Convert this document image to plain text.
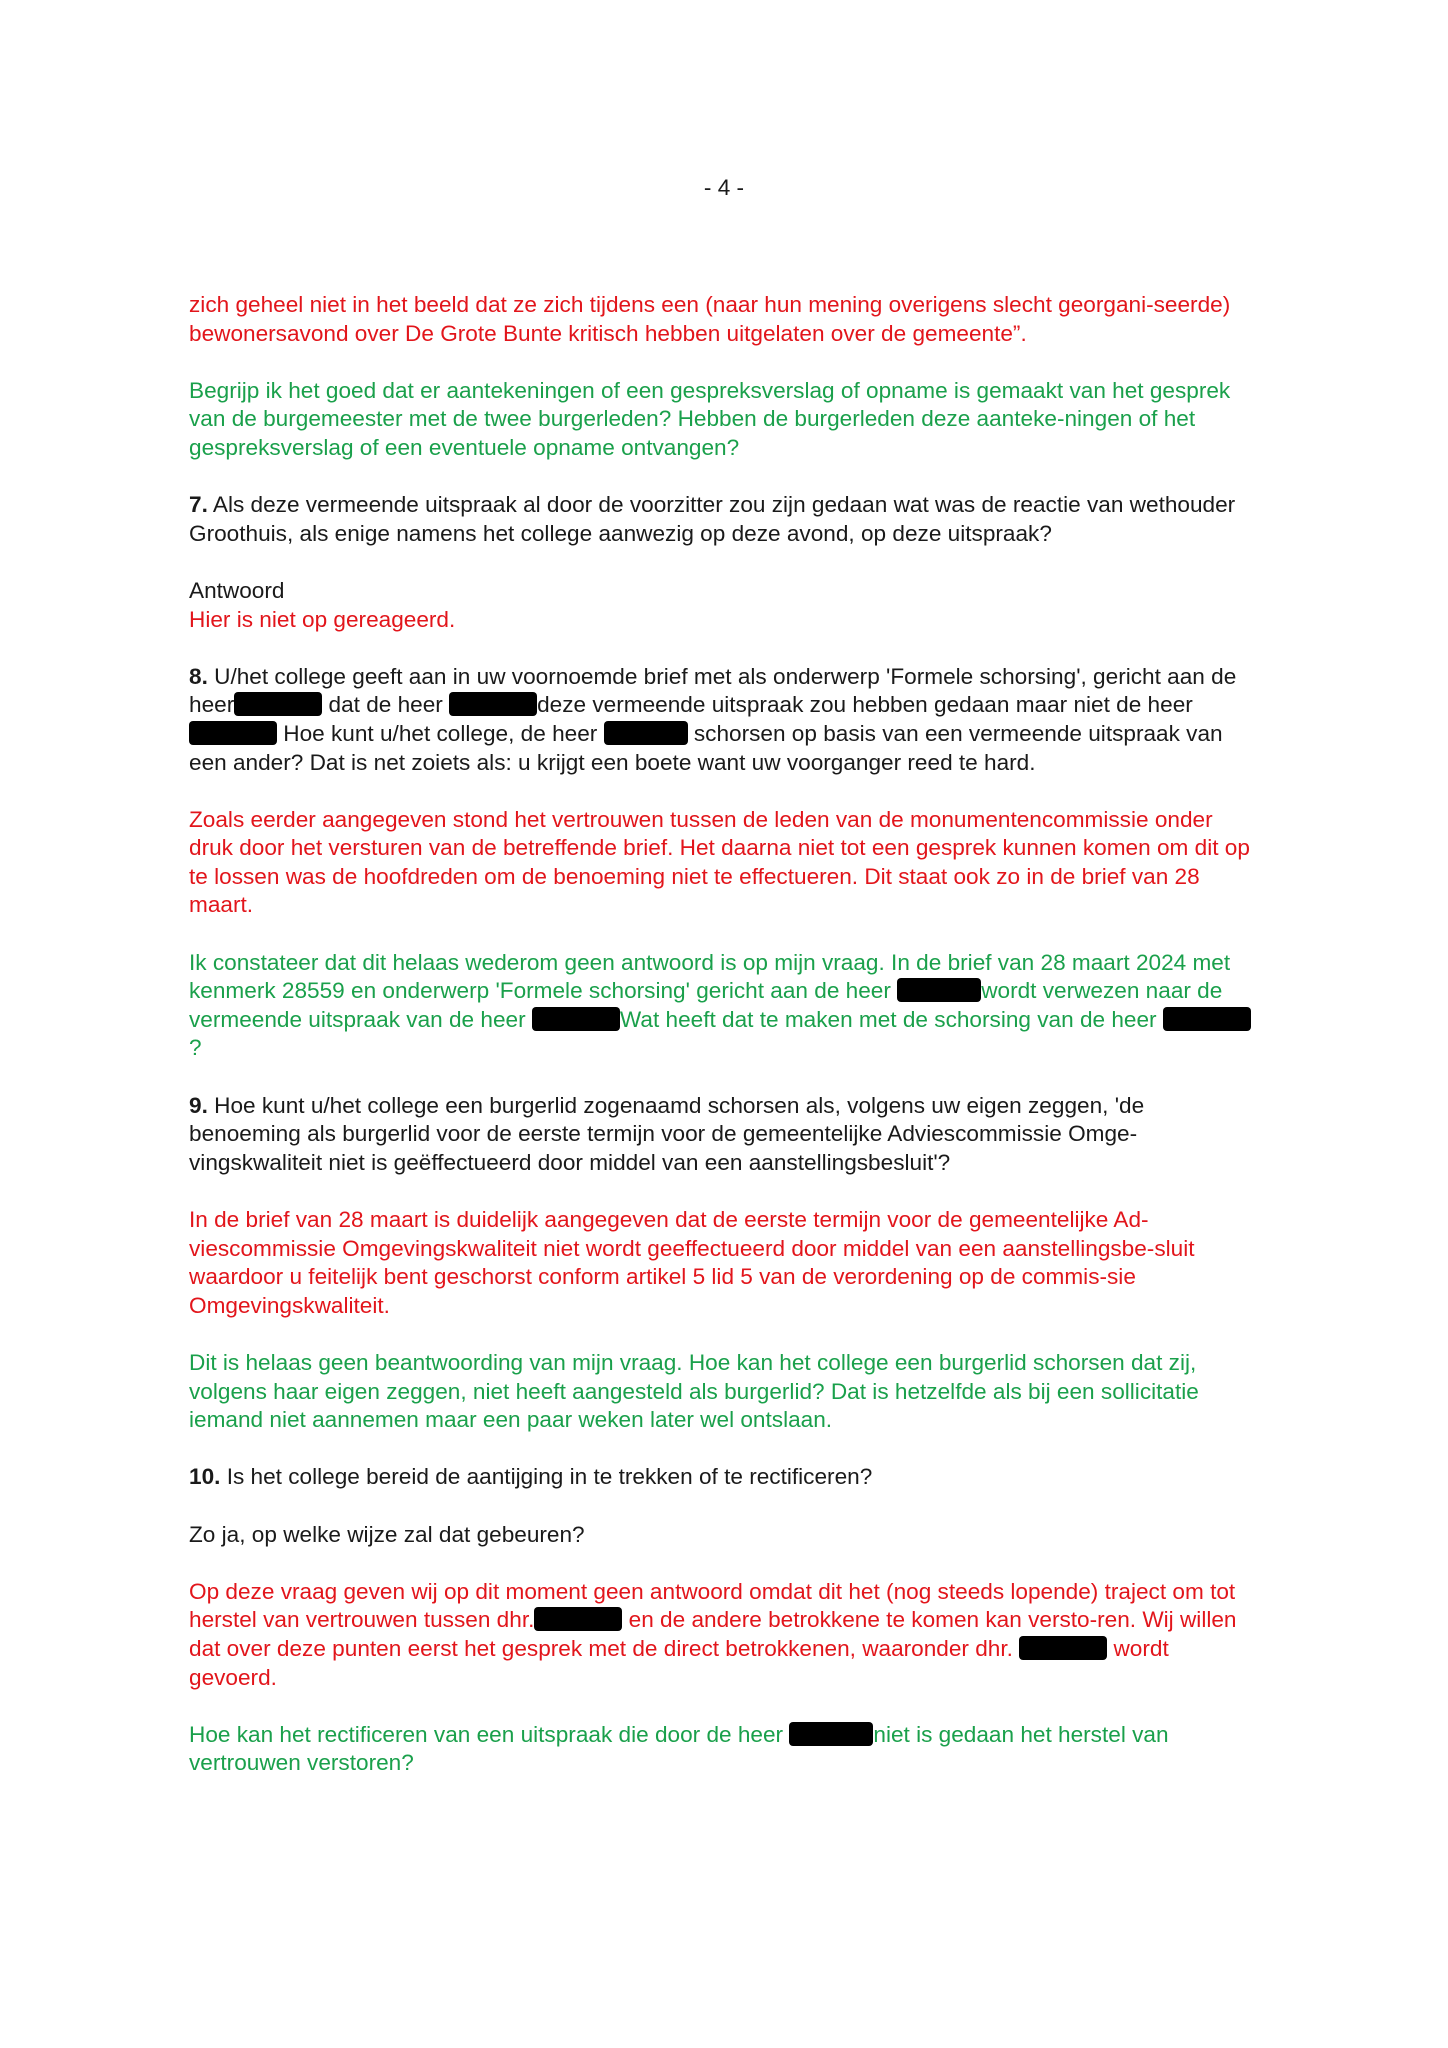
- 4 -

zich geheel niet in het beeld dat ze zich tijdens een (naar hun mening overigens slecht georgani-seerde) bewonersavond over De Grote Bunte kritisch hebben uitgelaten over de gemeente”.

Begrijp ik het goed dat er aantekeningen of een gespreksverslag of opname is gemaakt van het gesprek van de burgemeester met de twee burgerleden? Hebben de burgerleden deze aanteke-ningen of het gespreksverslag of een eventuele opname ontvangen?

7. Als deze vermeende uitspraak al door de voorzitter zou zijn gedaan wat was de reactie van wethouder Groothuis, als enige namens het college aanwezig op deze avond, op deze uitspraak?

Antwoord

Hier is niet op gereageerd.

8. U/het college geeft aan in uw voornoemde brief met als onderwerp 'Formele schorsing', gericht aan de heer	dat de heer	deze vermeende uitspraak zou hebben gedaan maar niet de heer  Hoe kunt u/het college, de heer	schorsen op basis van een vermeende uitspraak van een ander? Dat is net zoiets als: u krijgt een boete want uw voorganger reed te hard.

Zoals eerder aangegeven stond het vertrouwen tussen de leden van de monumentencommissie onder druk door het versturen van de betreffende brief. Het daarna niet tot een gesprek kunnen komen om dit op te lossen was de hoofdreden om de benoeming niet te effectueren. Dit staat ook zo in de brief van 28 maart.

Ik constateer dat dit helaas wederom geen antwoord is op mijn vraag. In de brief van 28 maart 2024 met kenmerk 28559 en onderwerp 'Formele schorsing' gericht aan de heer	wordt verwezen naar de vermeende uitspraak van de heer	Wat heeft dat te maken met de schorsing van de heer ?

9. Hoe kunt u/het college een burgerlid zogenaamd schorsen als, volgens uw eigen zeggen, 'de benoeming als burgerlid voor de eerste termijn voor de gemeentelijke Adviescommissie Omge-vingskwaliteit niet is geëffectueerd door middel van een aanstellingsbesluit'?

In de brief van 28 maart is duidelijk aangegeven dat de eerste termijn voor de gemeentelijke Ad-viescommissie Omgevingskwaliteit niet wordt geeffectueerd door middel van een aanstellingsbe-sluit waardoor u feitelijk bent geschorst conform artikel 5 lid 5 van de verordening op de commis-sie Omgevingskwaliteit.

Dit is helaas geen beantwoording van mijn vraag. Hoe kan het college een burgerlid schorsen dat zij, volgens haar eigen zeggen, niet heeft aangesteld als burgerlid? Dat is hetzelfde als bij een sollicitatie iemand niet aannemen maar een paar weken later wel ontslaan.

10. Is het college bereid de aantijging in te trekken of te rectificeren?

Zo ja, op welke wijze zal dat gebeuren?

Op deze vraag geven wij op dit moment geen antwoord omdat dit het (nog steeds lopende) traject om tot herstel van vertrouwen tussen dhr.	en de andere betrokkene te komen kan versto-ren. Wij willen dat over deze punten eerst het gesprek met de direct betrokkenen, waaronder dhr.	wordt gevoerd.

Hoe kan het rectificeren van een uitspraak die door de heer	niet is gedaan het herstel van vertrouwen verstoren?
